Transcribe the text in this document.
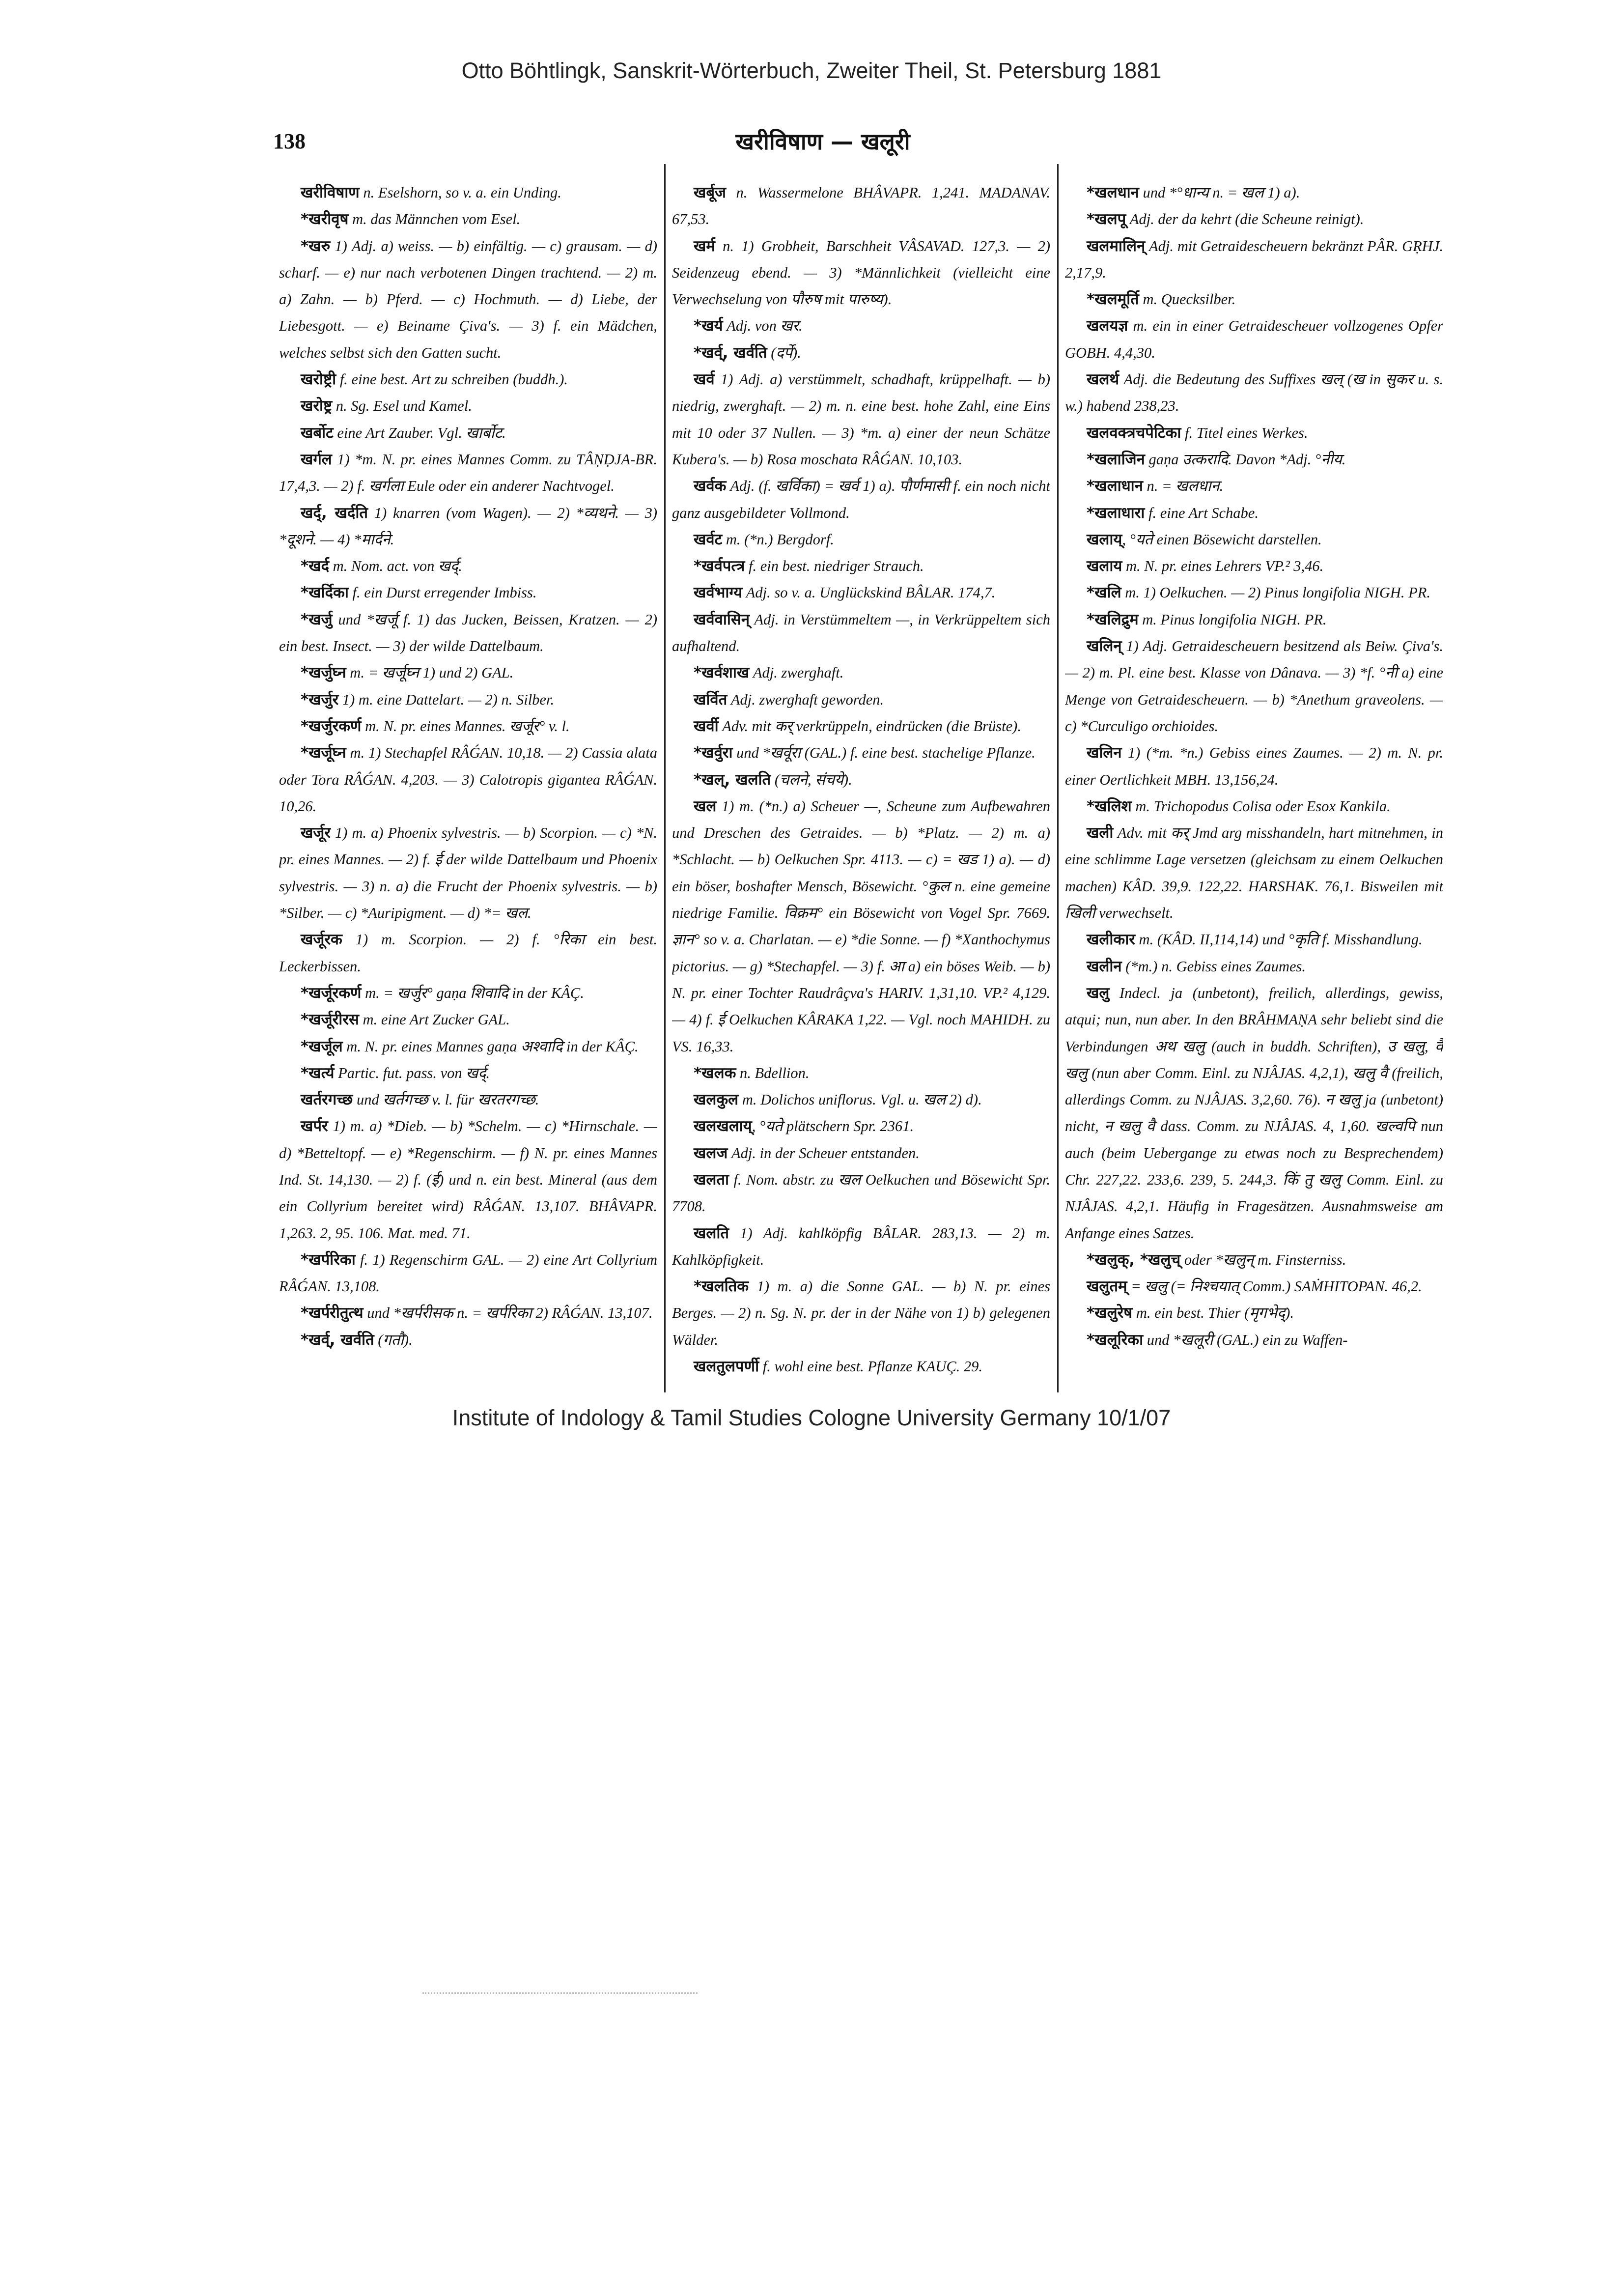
Otto Böhtlingk, Sanskrit-Wörterbuch, Zweiter Theil, St. Petersburg 1881
138	खरीविषाण — खलूरी

खरीविषाण n. Eselshorn, so v. a. ein Unding.

*खरीवृष m. das Männchen vom Esel.

*खरु 1) Adj. a) weiss. — b) einfältig. — c) grausam. — d) scharf. — e) nur nach verbotenen Dingen trachtend. — 2) m. a) Zahn. — b) Pferd. — c) Hochmuth. — d) Liebe, der Liebesgott. — e) Beiname Çiva's. — 3) f. ein Mädchen, welches selbst sich den Gatten sucht.

खरोष्ट्री f. eine best. Art zu schreiben (buddh.).

खरोष्ट्र n. Sg. Esel und Kamel.

खर्बोट eine Art Zauber. Vgl. खार्बोट.

खर्गल 1) *m. N. pr. eines Mannes Comm. zu TÂṆḌJA-BR. 17,4,3. — 2) f. खर्गला Eule oder ein anderer Nachtvogel.

खर्द्, खर्दति 1) knarren (vom Wagen). — 2) *व्यथने. — 3) *दूशने. — 4) *मार्दने.

*खर्द m. Nom. act. von खर्द्.

*खर्दिका f. ein Durst erregender Imbiss.

*खर्जु und *खर्जू f. 1) das Jucken, Beissen, Kratzen. — 2) ein best. Insect. — 3) der wilde Dattelbaum.

*खर्जुघ्न m. = खर्जूघ्न 1) und 2) GAL.

*खर्जुर 1) m. eine Dattelart. — 2) n. Silber.

*खर्जुरकर्ण m. N. pr. eines Mannes. खर्जूर° v. l.

*खर्जूघ्न m. 1) Stechapfel RÂǴAN. 10,18. — 2) Cassia alata oder Tora RÂǴAN. 4,203. — 3) Calotropis gigantea RÂǴAN. 10,26.

खर्जूर 1) m. a) Phoenix sylvestris. — b) Scorpion. — c) *N. pr. eines Mannes. — 2) f. ई der wilde Dattelbaum und Phoenix sylvestris. — 3) n. a) die Frucht der Phoenix sylvestris. — b) *Silber. — c) *Auripigment. — d) *= खल.

खर्जूरक 1) m. Scorpion. — 2) f. °रिका ein best. Leckerbissen.

*खर्जूरकर्ण m. = खर्जुर° gaṇa शिवादि in der KÂÇ.

*खर्जूरीरस m. eine Art Zucker GAL.

*खर्जूल m. N. pr. eines Mannes gaṇa अश्वादि in der KÂÇ.

*खर्त्य Partic. fut. pass. von खर्द्.

खर्तरगच्छ und खर्तगच्छ v. l. für खरतरगच्छ.

खर्पर 1) m. a) *Dieb. — b) *Schelm. — c) *Hirnschale. — d) *Betteltopf. — e) *Regenschirm. — f) N. pr. eines Mannes Ind. St. 14,130. — 2) f. (ई) und n. ein best. Mineral (aus dem ein Collyrium bereitet wird) RÂǴAN. 13,107. BHÂVAPR. 1,263. 2, 95. 106. Mat. med. 71.

*खर्परिका f. 1) Regenschirm GAL. — 2) eine Art Collyrium RÂǴAN. 13,108.

*खर्परीतुत्थ und *खर्परीसक n. = खर्परिका 2) RÂǴAN. 13,107.

*खर्व्, खर्वति (गतौ).

खर्बूज n. Wassermelone BHÂVAPR. 1,241. MADANAV. 67,53.

खर्म n. 1) Grobheit, Barschheit VÂSAVAD. 127,3. — 2) Seidenzeug ebend. — 3) *Männlichkeit (vielleicht eine Verwechselung von पौरुष mit पारुष्य).

*खर्य Adj. von खर.

*खर्व्, खर्वति (दर्पे).

खर्व 1) Adj. a) verstümmelt, schadhaft, krüppelhaft. — b) niedrig, zwerghaft. — 2) m. n. eine best. hohe Zahl, eine Eins mit 10 oder 37 Nullen. — 3) *m. a) einer der neun Schätze Kubera's. — b) Rosa moschata RÂǴAN. 10,103.

खर्वक Adj. (f. खर्विका) = खर्व 1) a). पौर्णमासी f. ein noch nicht ganz ausgebildeter Vollmond.

खर्वट m. (*n.) Bergdorf.

*खर्वपत्त्र f. ein best. niedriger Strauch.

खर्वभाग्य Adj. so v. a. Unglückskind BÂLAR. 174,7.

खर्ववासिन् Adj. in Verstümmeltem —, in Verkrüppeltem sich aufhaltend.

*खर्वशाख Adj. zwerghaft.

खर्वित Adj. zwerghaft geworden.

खर्वी Adv. mit कर् verkrüppeln, eindrücken (die Brüste).

*खर्वुरा und *खर्वूरा (GAL.) f. eine best. stachelige Pflanze.

*खल्, खलति (चलने, संचये).

खल 1) m. (*n.) a) Scheuer —, Scheune zum Aufbewahren und Dreschen des Getraides. — b) *Platz. — 2) m. a) *Schlacht. — b) Oelkuchen Spr. 4113. — c) = खड 1) a). — d) ein böser, boshafter Mensch, Bösewicht. °कुल n. eine gemeine niedrige Familie. विक्रम° ein Bösewicht von Vogel Spr. 7669. ज्ञान° so v. a. Charlatan. — e) *die Sonne. — f) *Xanthochymus pictorius. — g) *Stechapfel. — 3) f. आ a) ein böses Weib. — b) N. pr. einer Tochter Raudrâçva's HARIV. 1,31,10. VP.² 4,129. — 4) f. ई Oelkuchen KÂRAKA 1,22. — Vgl. noch MAHIDH. zu VS. 16,33.

*खलक n. Bdellion.

खलकुल m. Dolichos uniflorus. Vgl. u. खल 2) d).

खलखलाय्, °यते plätschern Spr. 2361.

खलज Adj. in der Scheuer entstanden.

खलता f. Nom. abstr. zu खल Oelkuchen und Bösewicht Spr. 7708.

खलति 1) Adj. kahlköpfig BÂLAR. 283,13. — 2) m. Kahlköpfigkeit.

*खलतिक 1) m. a) die Sonne GAL. — b) N. pr. eines Berges. — 2) n. Sg. N. pr. der in der Nähe von 1) b) gelegenen Wälder.

खलतुलपर्णी f. wohl eine best. Pflanze KAUÇ. 29.

*खलधान und *°धान्य n. = खल 1) a).

*खलपू Adj. der da kehrt (die Scheune reinigt).

खलमालिन् Adj. mit Getraidescheuern bekränzt PÂR. GṚHJ. 2,17,9.

*खलमूर्ति m. Quecksilber.

खलयज्ञ m. ein in einer Getraidescheuer vollzogenes Opfer GOBH. 4,4,30.

खलर्थ Adj. die Bedeutung des Suffixes खल् (ख in सुकर u. s. w.) habend 238,23.

खलवक्त्रचपेटिका f. Titel eines Werkes.

*खलाजिन gaṇa उत्करादि. Davon *Adj. °नीय.

*खलाधान n. = खलधान.

*खलाधारा f. eine Art Schabe.

खलाय्, °यते einen Bösewicht darstellen.

खलाय m. N. pr. eines Lehrers VP.² 3,46.

*खलि m. 1) Oelkuchen. — 2) Pinus longifolia NIGH. PR.

*खलिद्रुम m. Pinus longifolia NIGH. PR.

खलिन् 1) Adj. Getraidescheuern besitzend als Beiw. Çiva's. — 2) m. Pl. eine best. Klasse von Dânava. — 3) *f. °नी a) eine Menge von Getraidescheuern. — b) *Anethum graveolens. — c) *Curculigo orchioides.

खलिन 1) (*m. *n.) Gebiss eines Zaumes. — 2) m. N. pr. einer Oertlichkeit MBH. 13,156,24.

*खलिश m. Trichopodus Colisa oder Esox Kankila.

खली Adv. mit कर् Jmd arg misshandeln, hart mitnehmen, in eine schlimme Lage versetzen (gleichsam zu einem Oelkuchen machen) KÂD. 39,9. 122,22. HARSHAK. 76,1. Bisweilen mit खिली verwechselt.

खलीकार m. (KÂD. II,114,14) und °कृति f. Misshandlung.

खलीन (*m.) n. Gebiss eines Zaumes.

खलु Indecl. ja (unbetont), freilich, allerdings, gewiss, atqui; nun, nun aber. In den BRÂHMAṆA sehr beliebt sind die Verbindungen अथ खलु (auch in buddh. Schriften), उ खलु, वै खलु (nun aber Comm. Einl. zu NJÂJAS. 4,2,1), खलु वै (freilich, allerdings Comm. zu NJÂJAS. 3,2,60. 76). न खलु ja (unbetont) nicht, न खलु वै dass. Comm. zu NJÂJAS. 4, 1,60. खल्वपि nun auch (beim Uebergange zu etwas noch zu Besprechendem) Chr. 227,22. 233,6. 239, 5. 244,3. किं तु खलु Comm. Einl. zu NJÂJAS. 4,2,1. Häufig in Fragesätzen. Ausnahmsweise am Anfange eines Satzes.

*खलुक्, *खलुच् oder *खलुन् m. Finsterniss.

खलुतम् = खलु (= निश्चयात् Comm.) SAṀHITOPAN. 46,2.

*खलुरेष m. ein best. Thier (मृगभेद्).

*खलूरिका und *खलूरी (GAL.) ein zu Waffen-

Institute of Indology & Tamil Studies Cologne University Germany 10/1/07
